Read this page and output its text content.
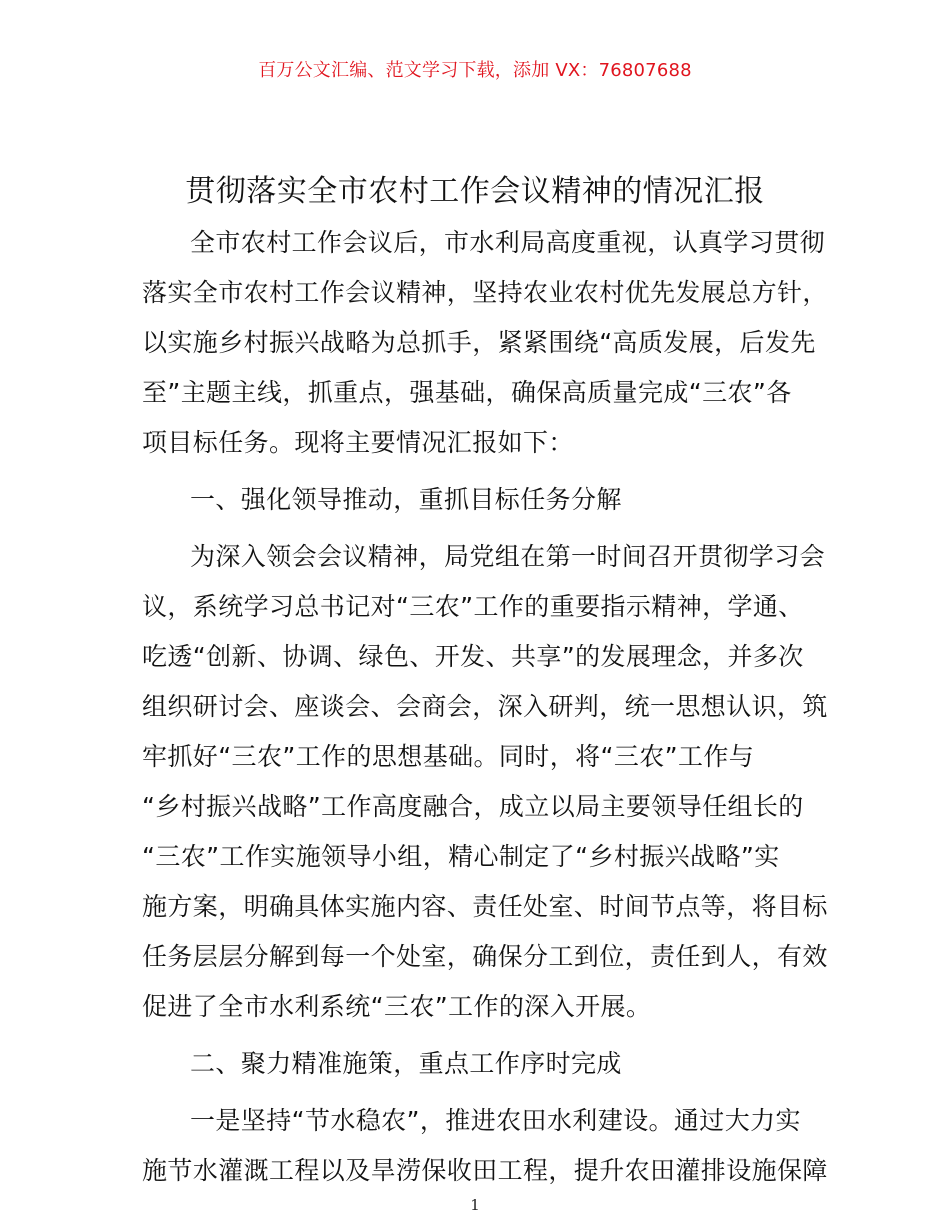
百万公文汇编、范文学习下载，添加 VX：76807688
贯彻落实全市农村工作会议精神的情况汇报
全市农村工作会议后，市水利局高度重视，认真学习贯彻
落实全市农村工作会议精神，坚持农业农村优先发展总方针，
以实施乡村振兴战略为总抓手，紧紧围绕“高质发展，后发先
至”主题主线，抓重点，强基础，确保高质量完成“三农”各
项目标任务。现将主要情况汇报如下：
一、强化领导推动，重抓目标任务分解
为深入领会会议精神，局党组在第一时间召开贯彻学习会
议，系统学习总书记对“三农”工作的重要指示精神，学通、
吃透“创新、协调、绿色、开发、共享”的发展理念，并多次
组织研讨会、座谈会、会商会，深入研判，统一思想认识，筑
牢抓好“三农”工作的思想基础。同时，将“三农”工作与
“乡村振兴战略”工作高度融合，成立以局主要领导任组长的
“三农”工作实施领导小组，精心制定了“乡村振兴战略”实
施方案，明确具体实施内容、责任处室、时间节点等，将目标
任务层层分解到每一个处室，确保分工到位，责任到人，有效
促进了全市水利系统“三农”工作的深入开展。
二、聚力精准施策，重点工作序时完成
一是坚持“节水稳农”，推进农田水利建设。通过大力实
施节水灌溉工程以及旱涝保收田工程，提升农田灌排设施保障
1
